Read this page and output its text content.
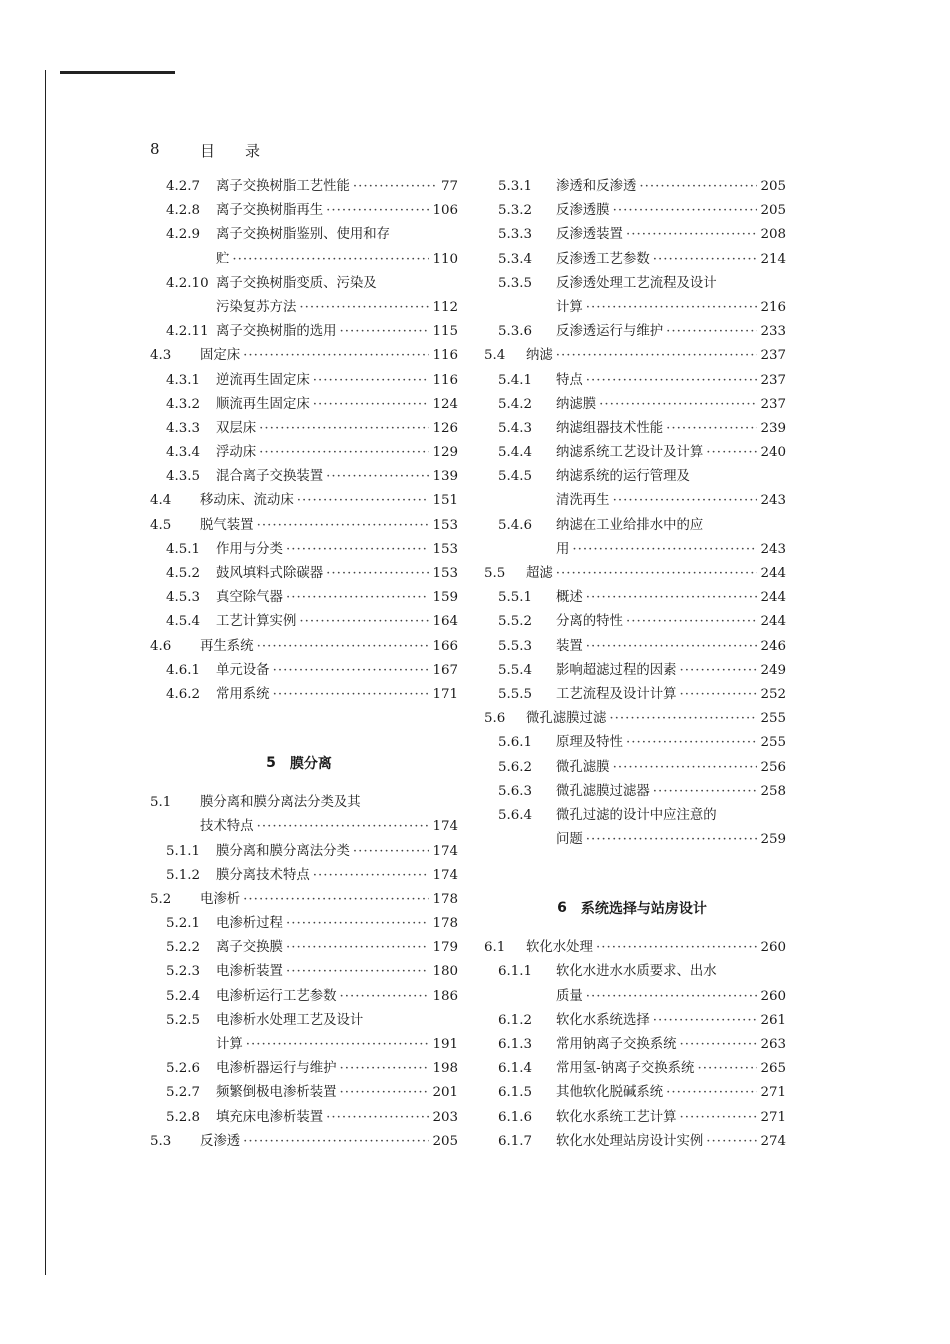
8	目 录
4.2.7	离子交换树脂工艺性能 ·····	77
4.2.8	离子交换树脂再生 ·····	106
4.2.9	离子交换树脂鉴别、使用和存
贮 ·····	110
4.2.10 离子交换树脂变质、污染及
污染复苏方法 ·····	112
4.2.11 离子交换树脂的选用 ·····	115
4.3	固定床 ·····	116
4.3.1	逆流再生固定床 ·····	116
4.3.2	顺流再生固定床 ·····	124
4.3.3	双层床 ·····	126
4.3.4	浮动床 ·····	129
4.3.5	混合离子交换装置 ·····	139
4.4	移动床、流动床 ·····	151
4.5	脱气装置 ·····	153
4.5.1	作用与分类 ·····	153
4.5.2	鼓风填料式除碳器 ·····	153
4.5.3	真空除气器 ·····	159
4.5.4	工艺计算实例 ·····	164
4.6	再生系统 ·····	166
4.6.1	单元设备 ·····	167
4.6.2	常用系统 ·····	171
5 膜分离
5.1	膜分离和膜分离法分类及其
技术特点 ·····	174
5.1.1	膜分离和膜分离法分类 ·····	174
5.1.2	膜分离技术特点 ·····	174
5.2	电渗析 ·····	178
5.2.1	电渗析过程 ·····	178
5.2.2	离子交换膜 ·····	179
5.2.3	电渗析装置 ·····	180
5.2.4	电渗析运行工艺参数 ·····	186
5.2.5	电渗析水处理工艺及设计
计算 ·····	191
5.2.6	电渗析器运行与维护 ·····	198
5.2.7	频繁倒极电渗析装置 ·····	201
5.2.8	填充床电渗析装置 ·····	203
5.3	反渗透 ·····	205
5.3.1	渗透和反渗透 ·····	205
5.3.2	反渗透膜 ·····	205
5.3.3	反渗透装置 ·····	208
5.3.4	反渗透工艺参数 ·····	214
5.3.5	反渗透处理工艺流程及设计
计算 ·····	216
5.3.6	反渗透运行与维护 ·····	233
5.4	纳滤 ·····	237
5.4.1	特点 ·····	237
5.4.2	纳滤膜 ·····	237
5.4.3	纳滤组器技术性能 ·····	239
5.4.4	纳滤系统工艺设计及计算 ·····	240
5.4.5	纳滤系统的运行管理及
清洗再生 ·····	243
5.4.6	纳滤在工业给排水中的应
用 ·····	243
5.5	超滤 ·····	244
5.5.1	概述 ·····	244
5.5.2	分离的特性 ·····	244
5.5.3	装置 ·····	246
5.5.4	影响超滤过程的因素 ·····	249
5.5.5	工艺流程及设计计算 ·····	252
5.6	微孔滤膜过滤 ·····	255
5.6.1	原理及特性 ·····	255
5.6.2	微孔滤膜 ·····	256
5.6.3	微孔滤膜过滤器 ·····	258
5.6.4	微孔过滤的设计中应注意的
问题 ·····	259
6 系统选择与站房设计
6.1	软化水处理 ·····	260
6.1.1	软化水进水水质要求、出水
质量 ·····	260
6.1.2	软化水系统选择 ·····	261
6.1.3	常用钠离子交换系统 ·····	263
6.1.4	常用氢-钠离子交换系统 ·····	265
6.1.5	其他软化脱碱系统 ·····	271
6.1.6	软化水系统工艺计算 ·····	271
6.1.7	软化水处理站房设计实例 ·····	274
